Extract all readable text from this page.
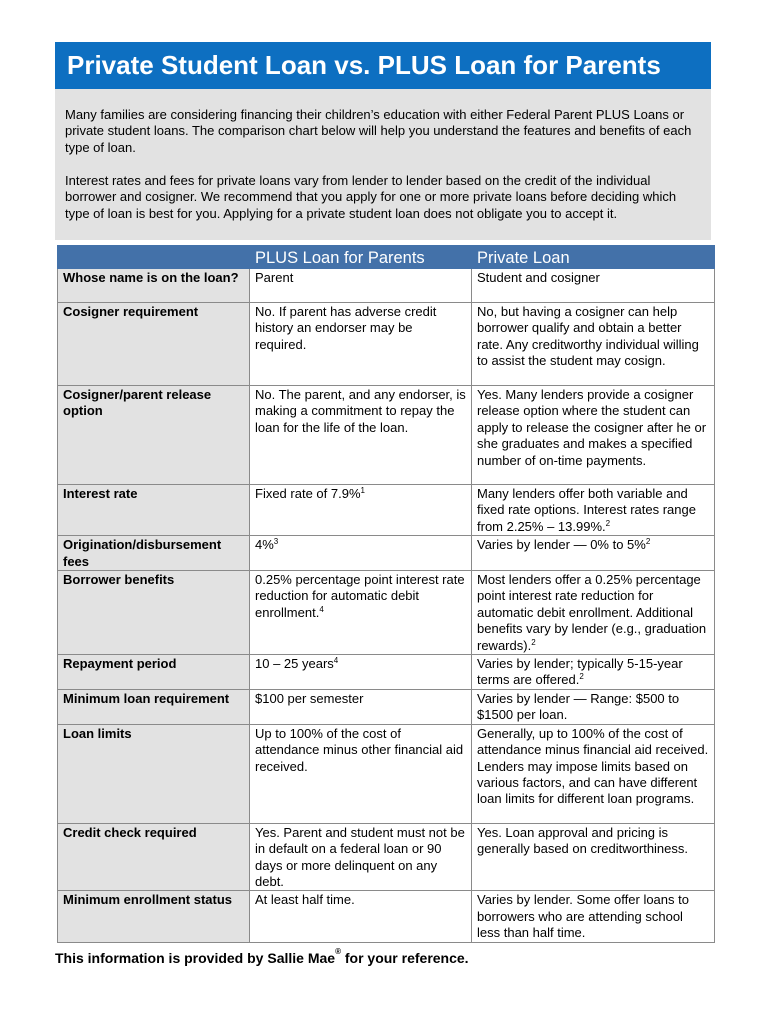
Private Student Loan vs. PLUS Loan for Parents

Many families are considering financing their children’s education with either Federal Parent PLUS Loans or private student loans. The comparison chart below will help you understand the features and benefits of each type of loan.

Interest rates and fees for private loans vary from lender to lender based on the credit of the individual borrower and cosigner. We recommend that you apply for one or more private loans before deciding which type of loan is best for you. Applying for a private student loan does not obligate you to accept it.

	PLUS Loan for Parents	Private Loan
Whose name is on the loan?	Parent	Student and cosigner
Cosigner requirement	No. If parent has adverse credit history an endorser may be required.	No, but having a cosigner can help borrower qualify and obtain a better rate. Any creditworthy individual willing to assist the student may cosign.
Cosigner/parent release option	No. The parent, and any endorser, is making a commitment to repay the loan for the life of the loan.	Yes. Many lenders provide a cosigner release option where the student can apply to release the cosigner after he or she graduates and makes a specified number of on-time payments.
Interest rate	Fixed rate of 7.9%$^1$	Many lenders offer both variable and fixed rate options. Interest rates range from 2.25% – 13.99%.$^2$
Origination/disbursement fees	4%$^3$	Varies by lender — 0% to 5%$^2$
Borrower benefits	0.25% percentage point interest rate reduction for automatic debit enrollment.$^4$	Most lenders offer a 0.25% percentage point interest rate reduction for automatic debit enrollment. Additional benefits vary by lender (e.g., graduation rewards).$^2$
Repayment period	10 – 25 years$^4$	Varies by lender; typically 5-15-year terms are offered.$^2$
Minimum loan requirement	$100 per semester	Varies by lender — Range: $500 to $1500 per loan.
Loan limits	Up to 100% of the cost of attendance minus other financial aid received.	Generally, up to 100% of the cost of attendance minus financial aid received. Lenders may impose limits based on various factors, and can have different loan limits for different loan programs.
Credit check required	Yes. Parent and student must not be in default on a federal loan or 90 days or more delinquent on any debt.	Yes. Loan approval and pricing is generally based on creditworthiness.
Minimum enrollment status	At least half time.	Varies by lender. Some offer loans to borrowers who are attending school less than half time.
This information is provided by Sallie Mae® for your reference.
